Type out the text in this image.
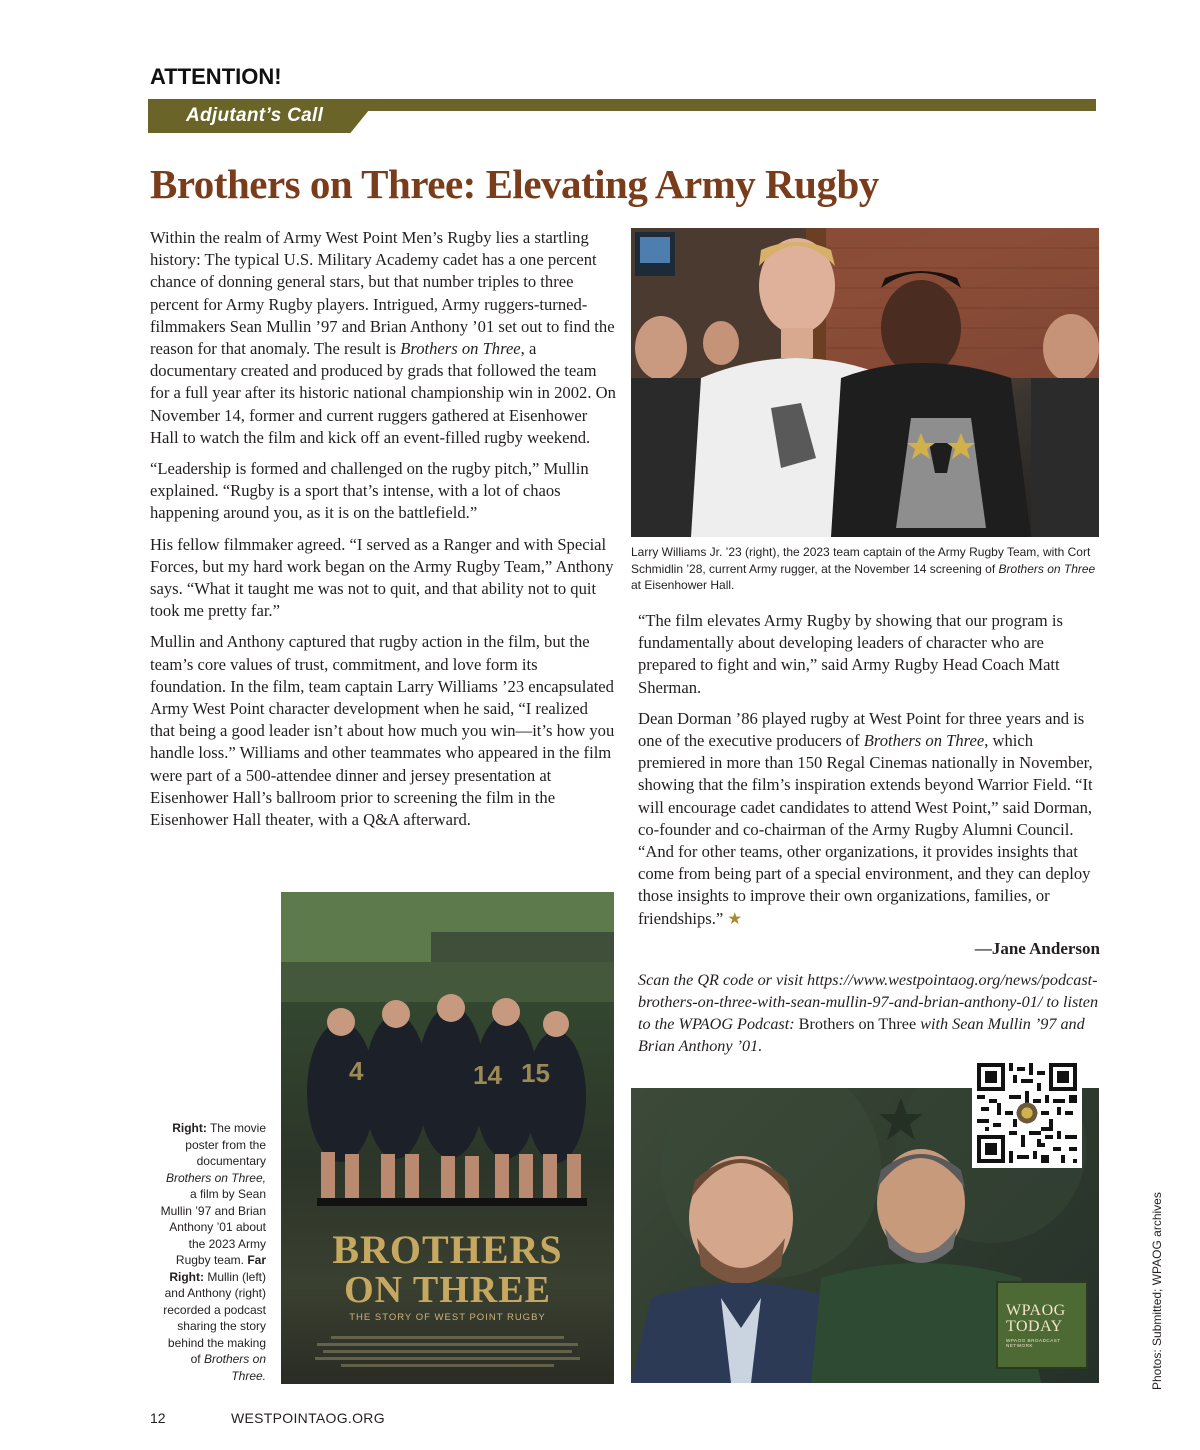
ATTENTION!
Adjutant’s Call
Brothers on Three: Elevating Army Rugby

Within the realm of Army West Point Men’s Rugby lies a startling history: The typical U.S. Military Academy cadet has a one percent chance of donning general stars, but that number triples to three percent for Army Rugby players. Intrigued, Army ruggers-turned-filmmakers Sean Mullin ’97 and Brian Anthony ’01 set out to find the reason for that anomaly. The result is Brothers on Three, a documentary created and produced by grads that followed the team for a full year after its historic national championship win in 2002. On November 14, former and current ruggers gathered at Eisenhower Hall to watch the film and kick off an event-filled rugby weekend.

“Leadership is formed and challenged on the rugby pitch,” Mullin explained. “Rugby is a sport that’s intense, with a lot of chaos happening around you, as it is on the battlefield.”

His fellow filmmaker agreed. “I served as a Ranger and with Special Forces, but my hard work began on the Army Rugby Team,” Anthony says. “What it taught me was not to quit, and that ability not to quit took me pretty far.”

Mullin and Anthony captured that rugby action in the film, but the team’s core values of trust, commitment, and love form its foundation. In the film, team captain Larry Williams ’23 encapsulated Army West Point character development when he said, “I realized that being a good leader isn’t about how much you win—it’s how you handle loss.” Williams and other teammates who appeared in the film were part of a 500-attendee dinner and jersey presentation at Eisenhower Hall’s ballroom prior to screening the film in the Eisenhower Hall theater, with a Q&A afterward.

Larry Williams Jr. ’23 (right), the 2023 team captain of the Army Rugby Team, with Cort Schmidlin ’28, current Army rugger, at the November 14 screening of Brothers on Three at Eisenhower Hall.

“The film elevates Army Rugby by showing that our program is fundamentally about developing leaders of character who are prepared to fight and win,” said Army Rugby Head Coach Matt Sherman.

Dean Dorman ’86 played rugby at West Point for three years and is one of the executive producers of Brothers on Three, which premiered in more than 150 Regal Cinemas nationally in November, showing that the film’s inspiration extends beyond Warrior Field. “It will encourage cadet candidates to attend West Point,” said Dorman, co-founder and co-chairman of the Army Rugby Alumni Council. “And for other teams, other organizations, it provides insights that come from being part of a special environment, and they can deploy those insights to improve their own organizations, families, or friendships.” ★

—Jane Anderson

Scan the QR code or visit https://www.westpointaog.org/news/podcast-brothers-on-three-with-sean-mullin-97-and-brian-anthony-01/ to listen to the WPAOG Podcast: Brothers on Three with Sean Mullin ’97 and Brian Anthony ’01.

14 15
4
BROTHERS
ON THREE
THE STORY OF WEST POINT RUGBY
Right: The movie poster from the documentary Brothers on Three, a film by Sean Mullin ’97 and Brian Anthony ’01 about the 2023 Army Rugby team. Far Right: Mullin (left) and Anthony (right) recorded a podcast sharing the story behind the making of Brothers on Three.
WPAOG TODAY
WPAOG BROADCAST NETWORK	Photos: Submitted; WPAOG archives
12	WESTPOINTAOG.ORG
